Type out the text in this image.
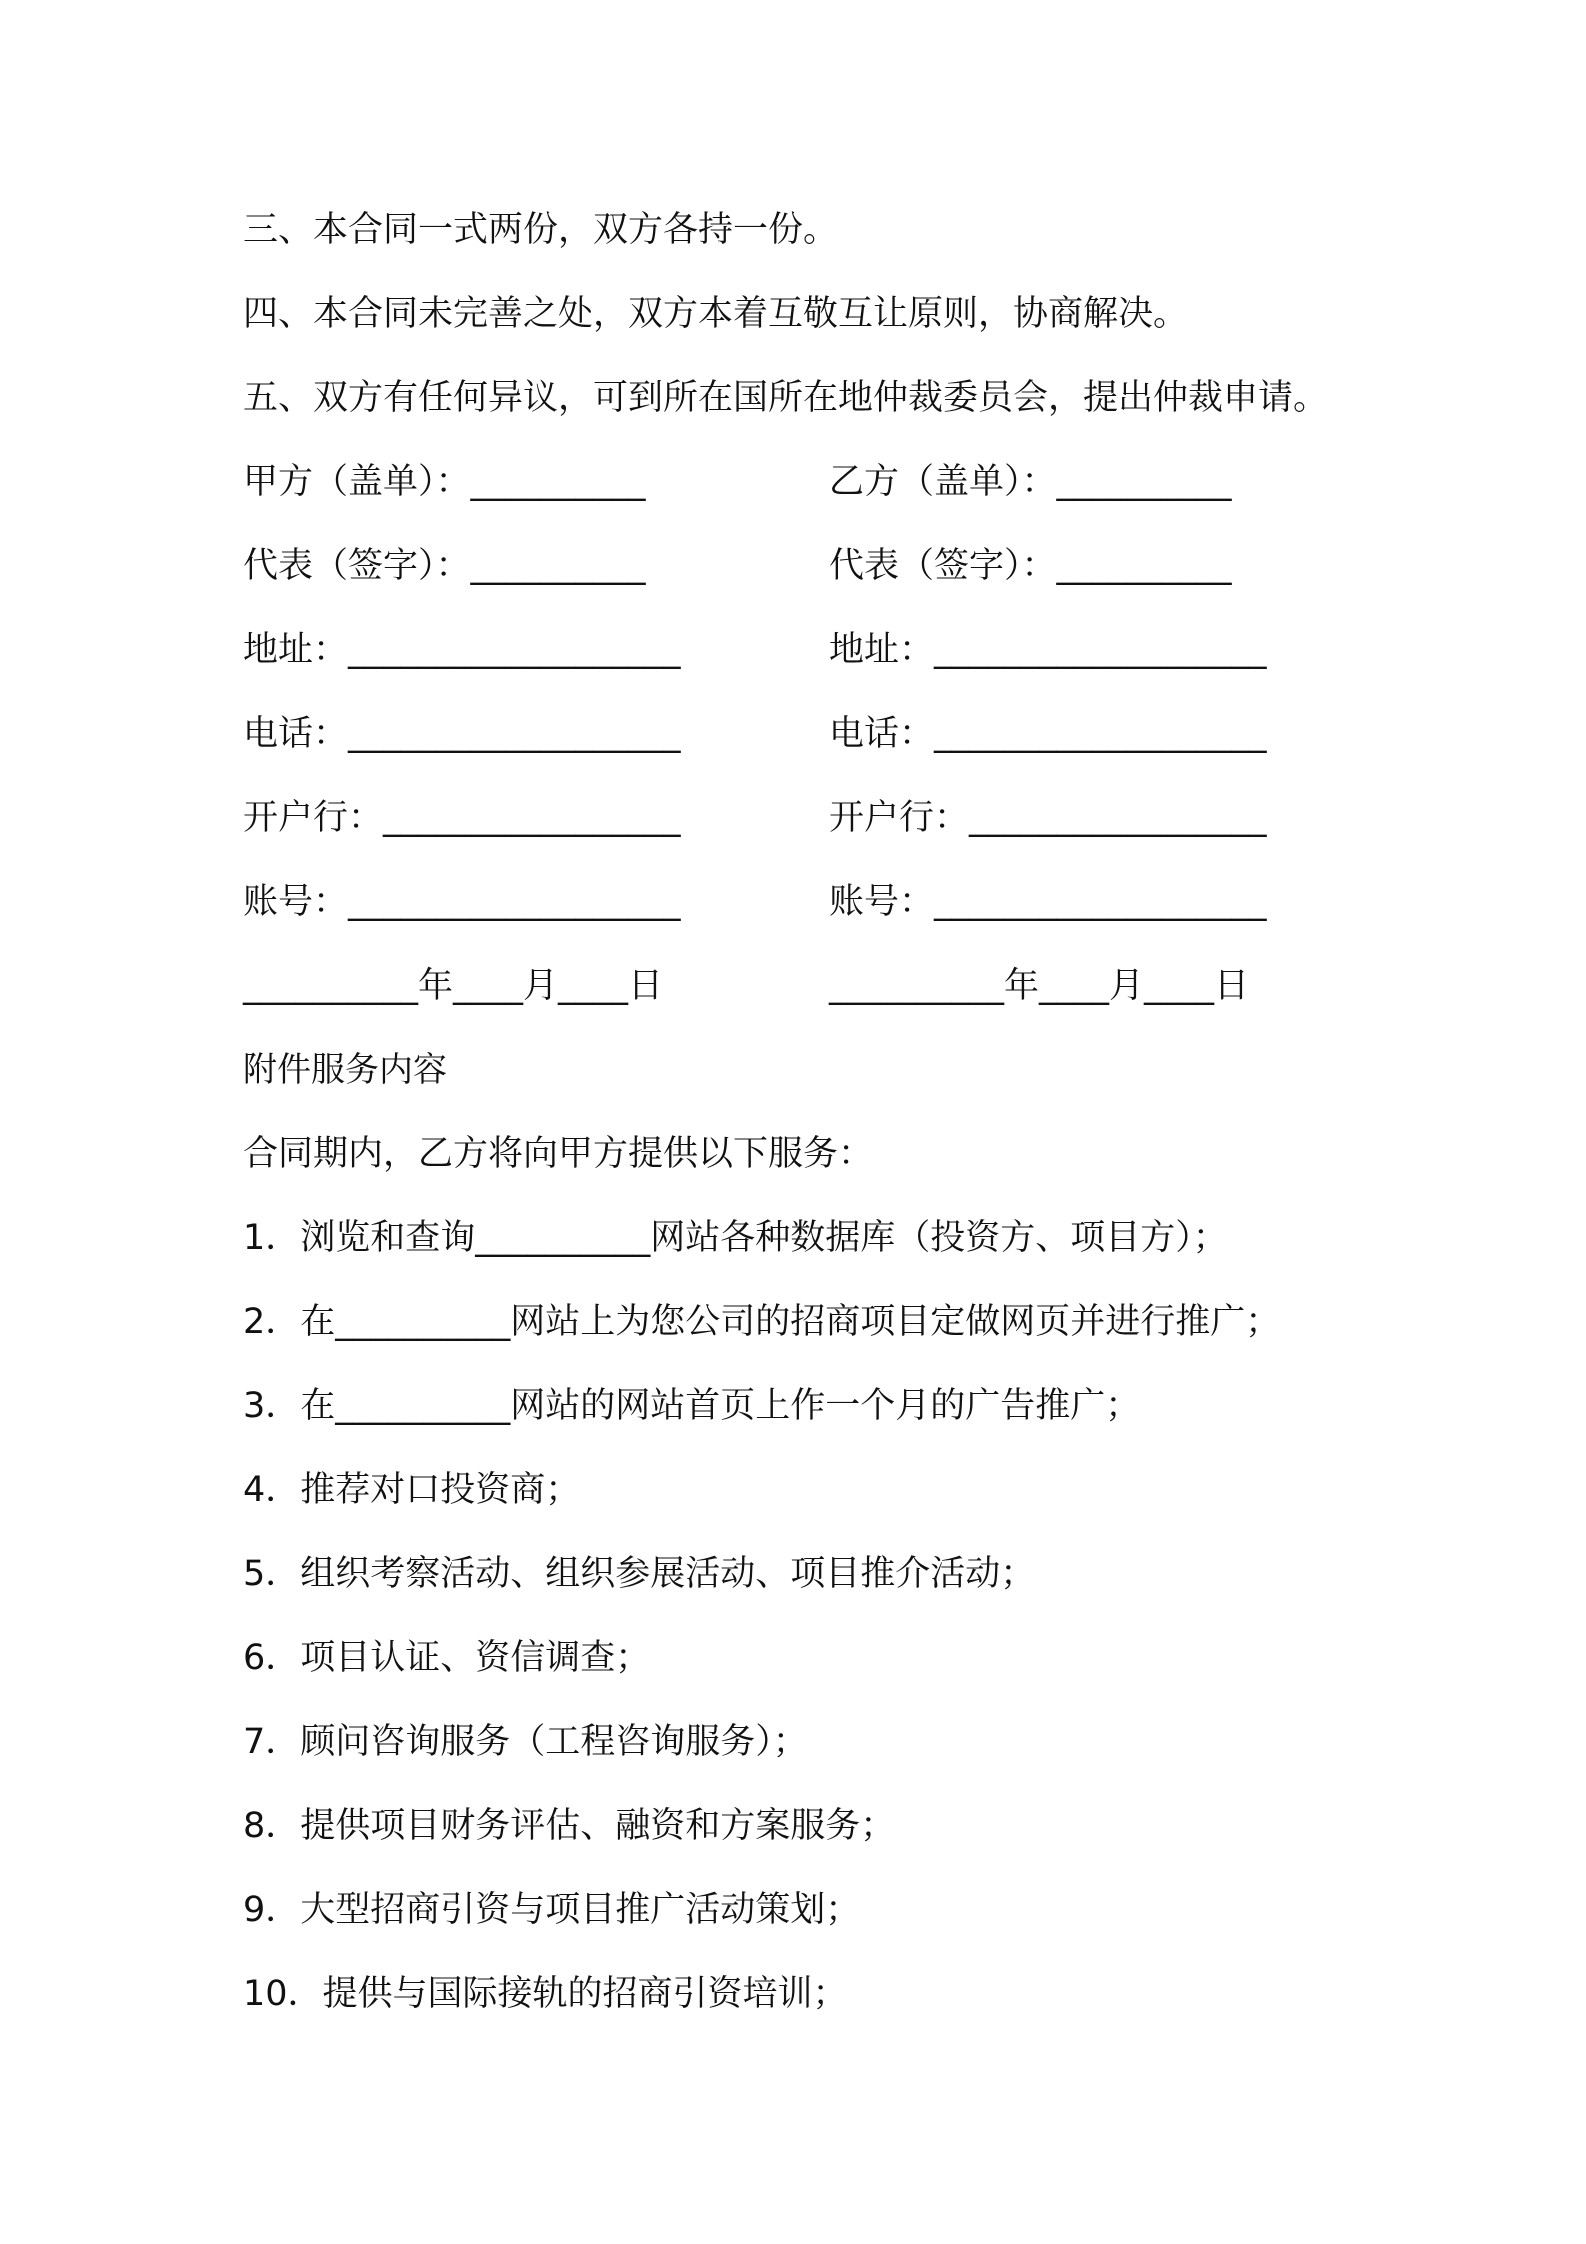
三、本合同一式两份，双方各持一份。
四、本合同未完善之处，双方本着互敬互让原则，协商解决。
五、双方有任何异议，可到所在国所在地仲裁委员会，提出仲裁申请。
甲方（盖单）：__________
代表（签字）：__________
地址：___________________
电话：___________________
开户行：_________________
账号：___________________
__________年____月____日
乙方（盖单）：__________
代表（签字）：__________
地址：___________________
电话：___________________
开户行：_________________
账号：___________________
__________年____月____日
附件服务内容
合同期内，乙方将向甲方提供以下服务：
1．浏览和查询__________网站各种数据库（投资方、项目方）；
2．在__________网站上为您公司的招商项目定做网页并进行推广；
3．在__________网站的网站首页上作一个月的广告推广；
4．推荐对口投资商；
5．组织考察活动、组织参展活动、项目推介活动；
6．项目认证、资信调查；
7．顾问咨询服务（工程咨询服务）；
8．提供项目财务评估、融资和方案服务；
9．大型招商引资与项目推广活动策划；
10．提供与国际接轨的招商引资培训；
